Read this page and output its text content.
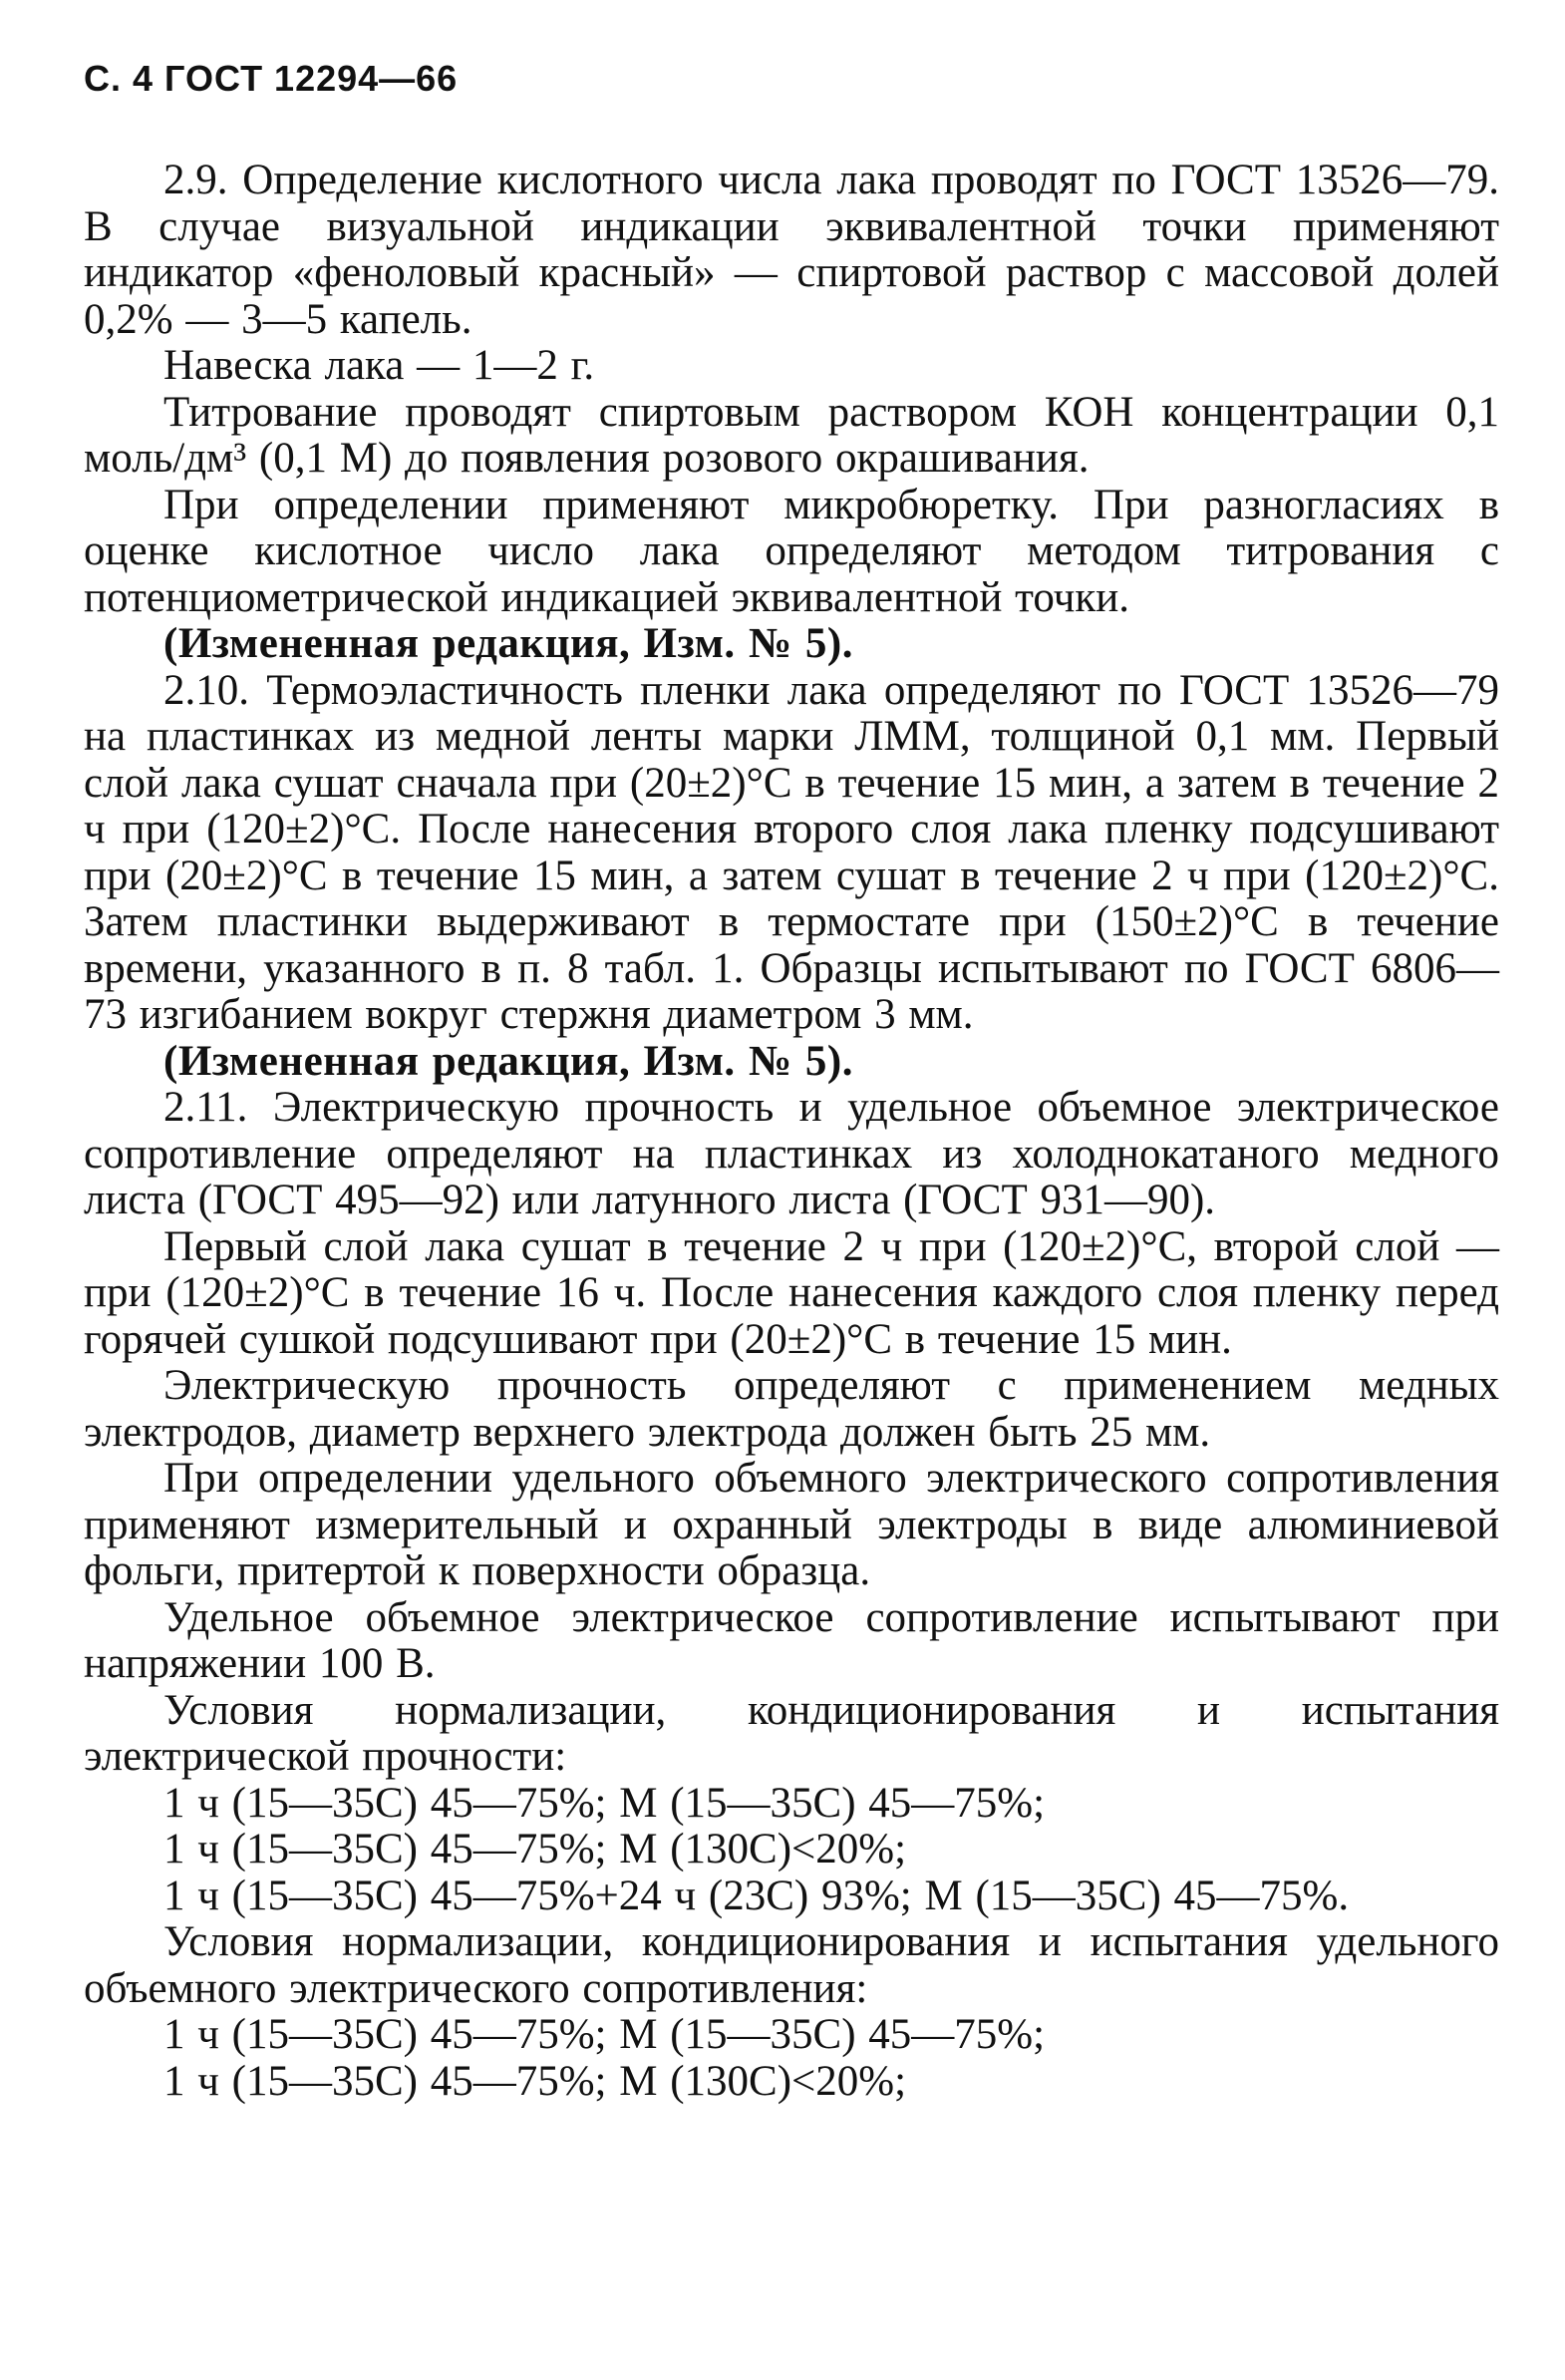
С. 4 ГОСТ 12294—66

2.9. Определение кислотного числа лака проводят по ГОСТ 13526—79. В случае визуальной индикации эквивалентной точки применяют индикатор «феноловый красный» — спиртовой раствор с массовой долей 0,2% — 3—5 капель.

Навеска лака — 1—2 г.

Титрование проводят спиртовым раствором КОН концентрации 0,1 моль/дм³ (0,1 М) до появления розового окрашивания.

При определении применяют микробюретку. При разногласиях в оценке кислотное число лака определяют методом титрования с потенциометрической индикацией эквивалентной точки.

(Измененная редакция, Изм. № 5).

2.10. Термоэластичность пленки лака определяют по ГОСТ 13526—79 на пластинках из медной ленты марки ЛММ, толщиной 0,1 мм. Первый слой лака сушат сначала при (20±2)°С в течение 15 мин, а затем в течение 2 ч при (120±2)°С. После нанесения второго слоя лака пленку подсушивают при (20±2)°С в течение 15 мин, а затем сушат в течение 2 ч при (120±2)°С. Затем пластинки выдерживают в термостате при (150±2)°С в течение времени, указанного в п. 8 табл. 1. Образцы испытывают по ГОСТ 6806—73 изгибанием вокруг стержня диаметром 3 мм.

(Измененная редакция, Изм. № 5).

2.11. Электрическую прочность и удельное объемное электрическое сопротивление определяют на пластинках из холоднокатаного медного листа (ГОСТ 495—92) или латунного листа (ГОСТ 931—90).

Первый слой лака сушат в течение 2 ч при (120±2)°С, второй слой — при (120±2)°С в течение 16 ч. После нанесения каждого слоя пленку перед горячей сушкой подсушивают при (20±2)°С в течение 15 мин.

Электрическую прочность определяют с применением медных электродов, диаметр верхнего электрода должен быть 25 мм.

При определении удельного объемного электрического сопротивления применяют измерительный и охранный электроды в виде алюминиевой фольги, притертой к поверхности образца.

Удельное объемное электрическое сопротивление испытывают при напряжении 100 В.

Условия нормализации, кондиционирования и испытания электрической прочности:

1 ч (15—35С) 45—75%; М (15—35С) 45—75%;

1 ч (15—35С) 45—75%; М (130С)<20%;

1 ч (15—35С) 45—75%+24 ч (23С) 93%; М (15—35С) 45—75%.

Условия нормализации, кондиционирования и испытания удельного объемного электрического сопротивления:

1 ч (15—35С) 45—75%; М (15—35С) 45—75%;

1 ч (15—35С) 45—75%; М (130С)<20%;
